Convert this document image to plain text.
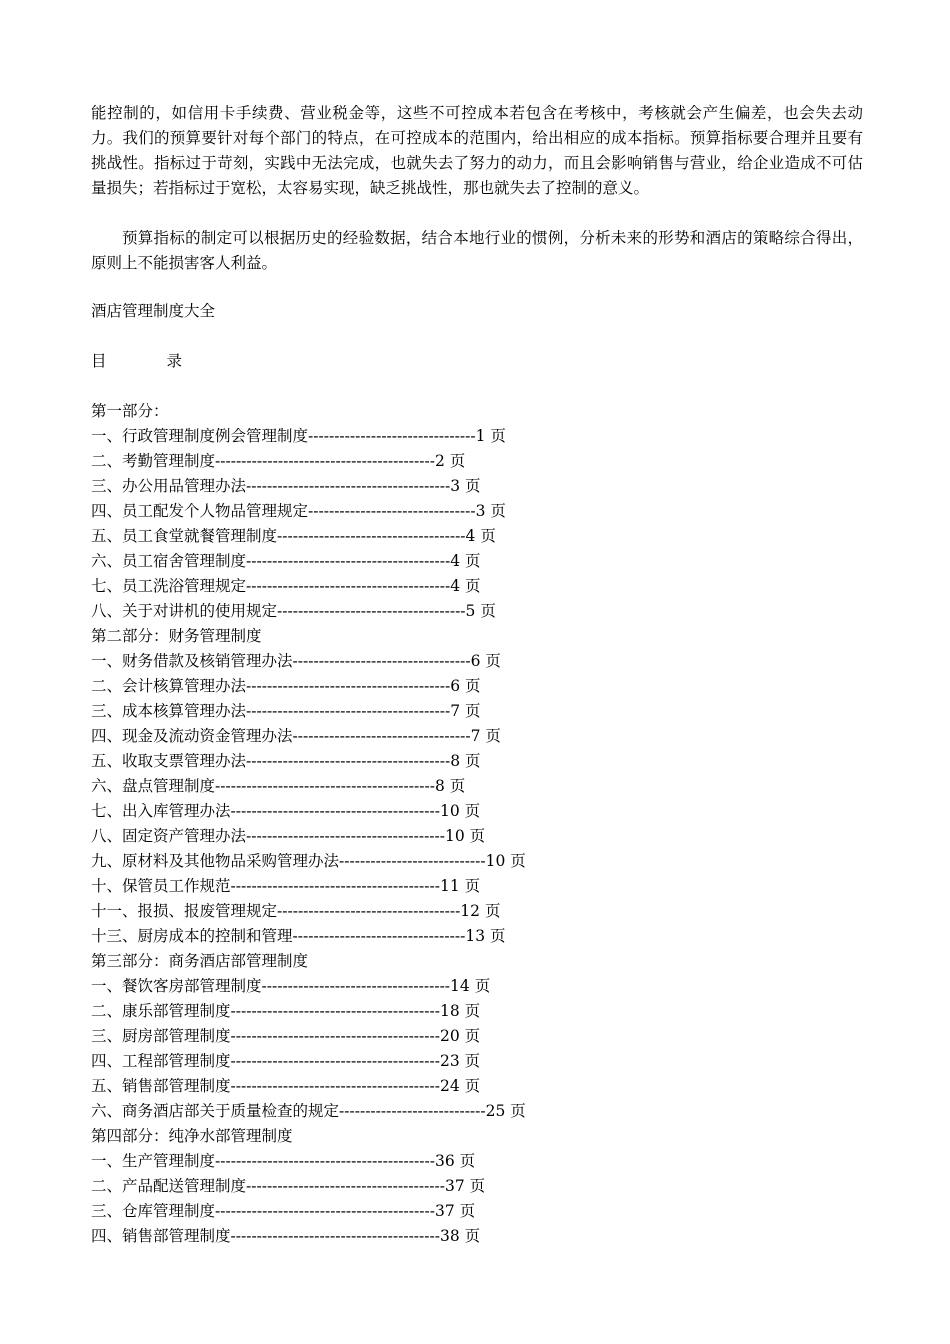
能控制的，如信用卡手续费、营业税金等，这些不可控成本若包含在考核中，考核就会产生偏差，也会失去动力。我们的预算要针对每个部门的特点，在可控成本的范围内，给出相应的成本指标。预算指标要合理并且要有挑战性。指标过于苛刻，实践中无法完成，也就失去了努力的动力，而且会影响销售与营业，给企业造成不可估量损失；若指标过于宽松，太容易实现，缺乏挑战性，那也就失去了控制的意义。

预算指标的制定可以根据历史的经验数据，结合本地行业的惯例，分析未来的形势和酒店的策略综合得出，原则上不能损害客人利益。

酒店管理制度大全
目	录
第一部分：
一、行政管理制度例会管理制度--------------------------------1 页
二、考勤管理制度------------------------------------------2 页
三、办公用品管理办法---------------------------------------3 页
四、员工配发个人物品管理规定--------------------------------3 页
五、员工食堂就餐管理制度------------------------------------4 页
六、员工宿舍管理制度---------------------------------------4 页
七、员工洗浴管理规定---------------------------------------4 页
八、关于对讲机的使用规定------------------------------------5 页
第二部分：财务管理制度
一、财务借款及核销管理办法----------------------------------6 页
二、会计核算管理办法---------------------------------------6 页
三、成本核算管理办法---------------------------------------7 页
四、现金及流动资金管理办法----------------------------------7 页
五、收取支票管理办法---------------------------------------8 页
六、盘点管理制度------------------------------------------8 页
七、出入库管理办法----------------------------------------10 页
八、固定资产管理办法--------------------------------------10 页
九、原材料及其他物品采购管理办法----------------------------10 页
十、保管员工作规范----------------------------------------11 页
十一、报损、报废管理规定-----------------------------------12 页
十三、厨房成本的控制和管理---------------------------------13 页
第三部分：商务酒店部管理制度
一、餐饮客房部管理制度------------------------------------14 页
二、康乐部管理制度----------------------------------------18 页
三、厨房部管理制度----------------------------------------20 页
四、工程部管理制度----------------------------------------23 页
五、销售部管理制度----------------------------------------24 页
六、商务酒店部关于质量检查的规定----------------------------25 页
第四部分：纯净水部管理制度
一、生产管理制度------------------------------------------36 页
二、产品配送管理制度--------------------------------------37 页
三、仓库管理制度------------------------------------------37 页
四、销售部管理制度----------------------------------------38 页
